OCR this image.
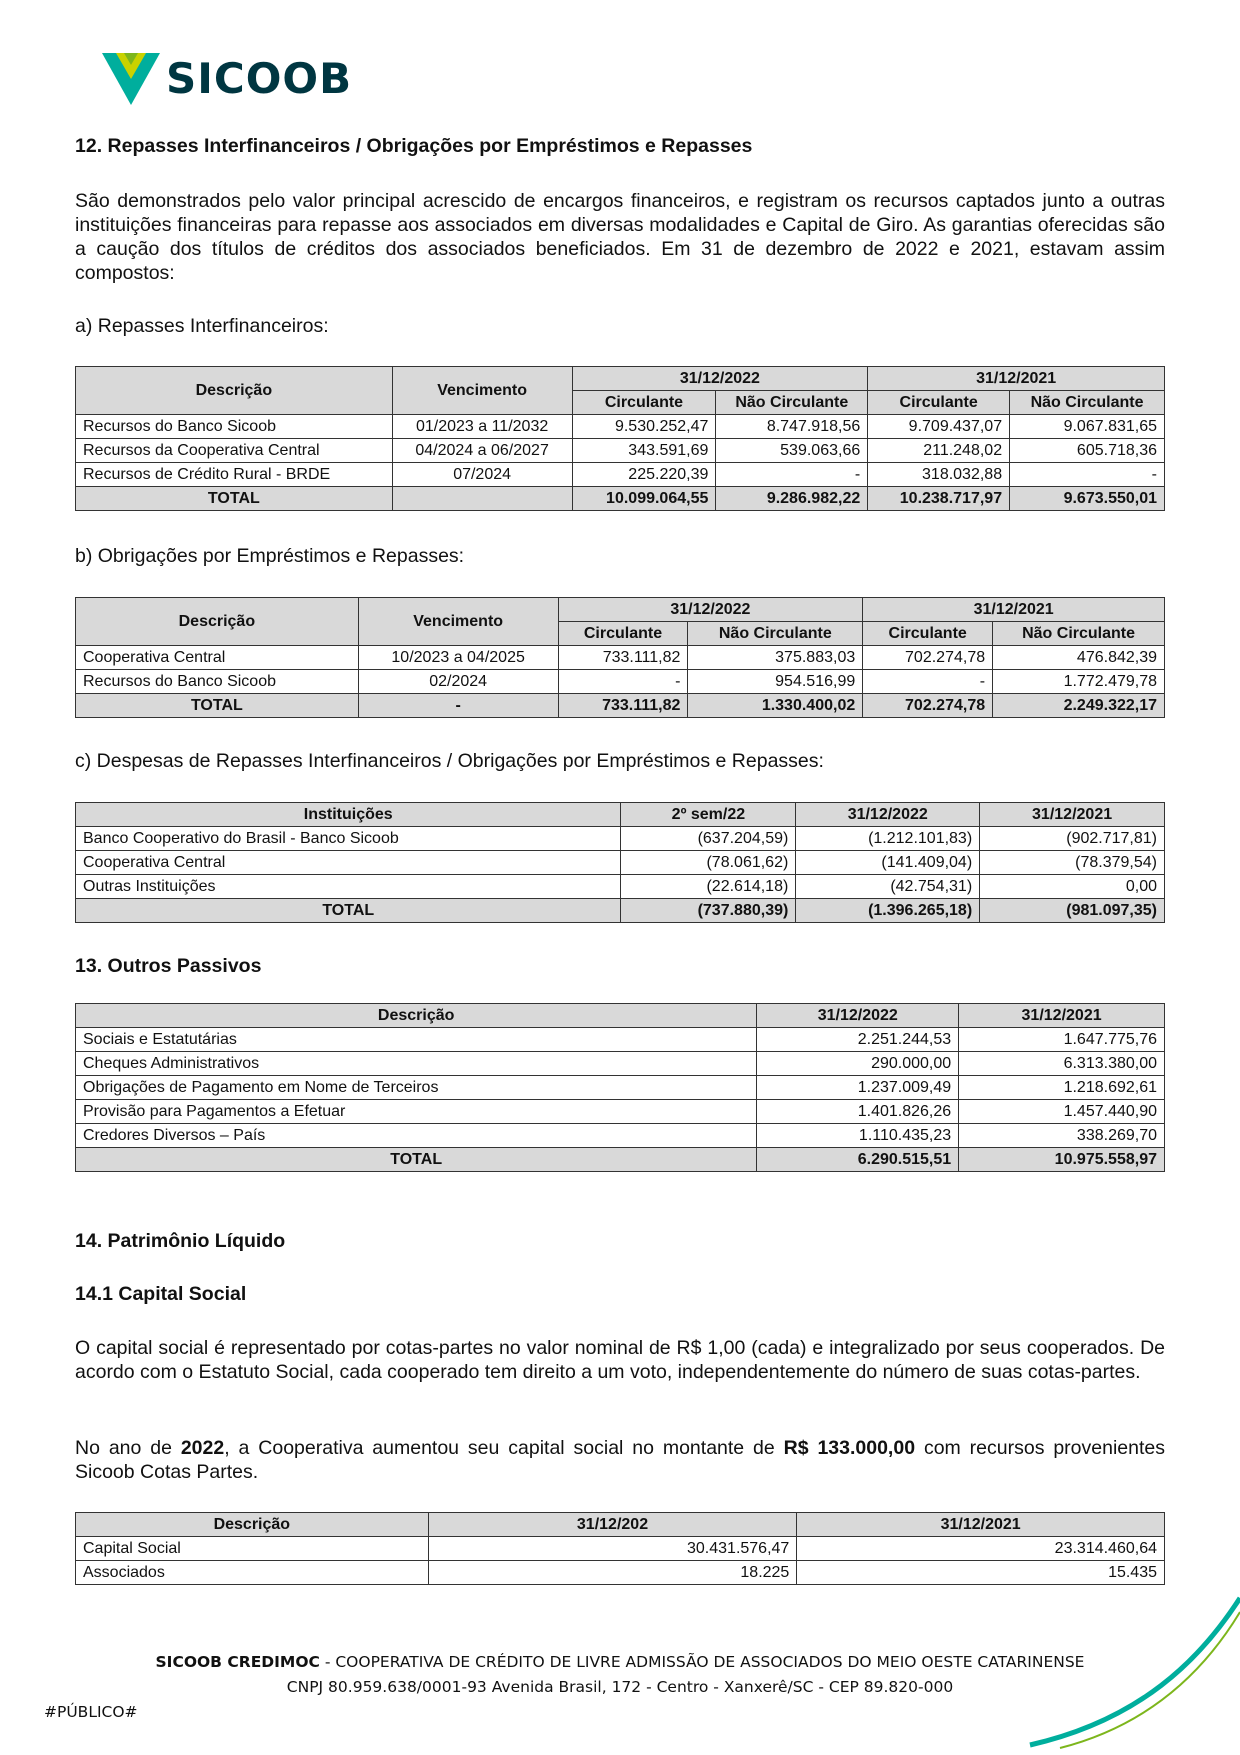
SICOOB
12. Repasses Interfinanceiros / Obrigações por Empréstimos e Repasses

São demonstrados pelo valor principal acrescido de encargos financeiros, e registram os recursos captados junto a outras instituições financeiras para repasse aos associados em diversas modalidades e Capital de Giro. As garantias oferecidas são a caução dos títulos de créditos dos associados beneficiados. Em 31 de dezembro de 2022 e 2021, estavam assim compostos:

a) Repasses Interfinanceiros:
Descrição	Vencimento	31/12/2022		31/12/2021	
		Circulante	Não Circulante	Circulante	Não Circulante
Recursos do Banco Sicoob	01/2023 a 11/2032	9.530.252,47	8.747.918,56	9.709.437,07	9.067.831,65
Recursos da Cooperativa Central	04/2024 a 06/2027	343.591,69	539.063,66	211.248,02	605.718,36
Recursos de Crédito Rural - BRDE	07/2024	225.220,39	-	318.032,88	-
TOTAL		10.099.064,55	9.286.982,22	10.238.717,97	9.673.550,01
b) Obrigações por Empréstimos e Repasses:
Descrição	Vencimento	31/12/2022		31/12/2021	
		Circulante	Não Circulante	Circulante	Não Circulante
Cooperativa Central	10/2023 a 04/2025	733.111,82	375.883,03	702.274,78	476.842,39
Recursos do Banco Sicoob	02/2024	-	954.516,99	-	1.772.479,78
TOTAL	-	733.111,82	1.330.400,02	702.274,78	2.249.322,17
c) Despesas de Repasses Interfinanceiros / Obrigações por Empréstimos e Repasses:
Instituições	2º sem/22	31/12/2022	31/12/2021
Banco Cooperativo do Brasil - Banco Sicoob	(637.204,59)	(1.212.101,83)	(902.717,81)
Cooperativa Central	(78.061,62)	(141.409,04)	(78.379,54)
Outras Instituições	(22.614,18)	(42.754,31)	0,00
TOTAL	(737.880,39)	(1.396.265,18)	(981.097,35)
13. Outros Passivos
Descrição	31/12/2022	31/12/2021
Sociais e Estatutárias	2.251.244,53	1.647.775,76
Cheques Administrativos	290.000,00	6.313.380,00
Obrigações de Pagamento em Nome de Terceiros	1.237.009,49	1.218.692,61
Provisão para Pagamentos a Efetuar	1.401.826,26	1.457.440,90
Credores Diversos – País	1.110.435,23	338.269,70
TOTAL	6.290.515,51	10.975.558,97
14. Patrimônio Líquido
14.1 Capital Social

O capital social é representado por cotas-partes no valor nominal de R$ 1,00 (cada) e integralizado por seus cooperados. De acordo com o Estatuto Social, cada cooperado tem direito a um voto, independentemente do número de suas cotas-partes.

No ano de 2022, a Cooperativa aumentou seu capital social no montante de R$ 133.000,00 com recursos provenientes Sicoob Cotas Partes.

Descrição	31/12/202	31/12/2021
Capital Social	30.431.576,47	23.314.460,64
Associados	18.225	15.435
SICOOB CREDIMOC - COOPERATIVA DE CRÉDITO DE LIVRE ADMISSÃO DE ASSOCIADOS DO MEIO OESTE CATARINENSE
CNPJ 80.959.638/0001-93 Avenida Brasil, 172 - Centro - Xanxerê/SC - CEP 89.820-000
#PÚBLICO#
